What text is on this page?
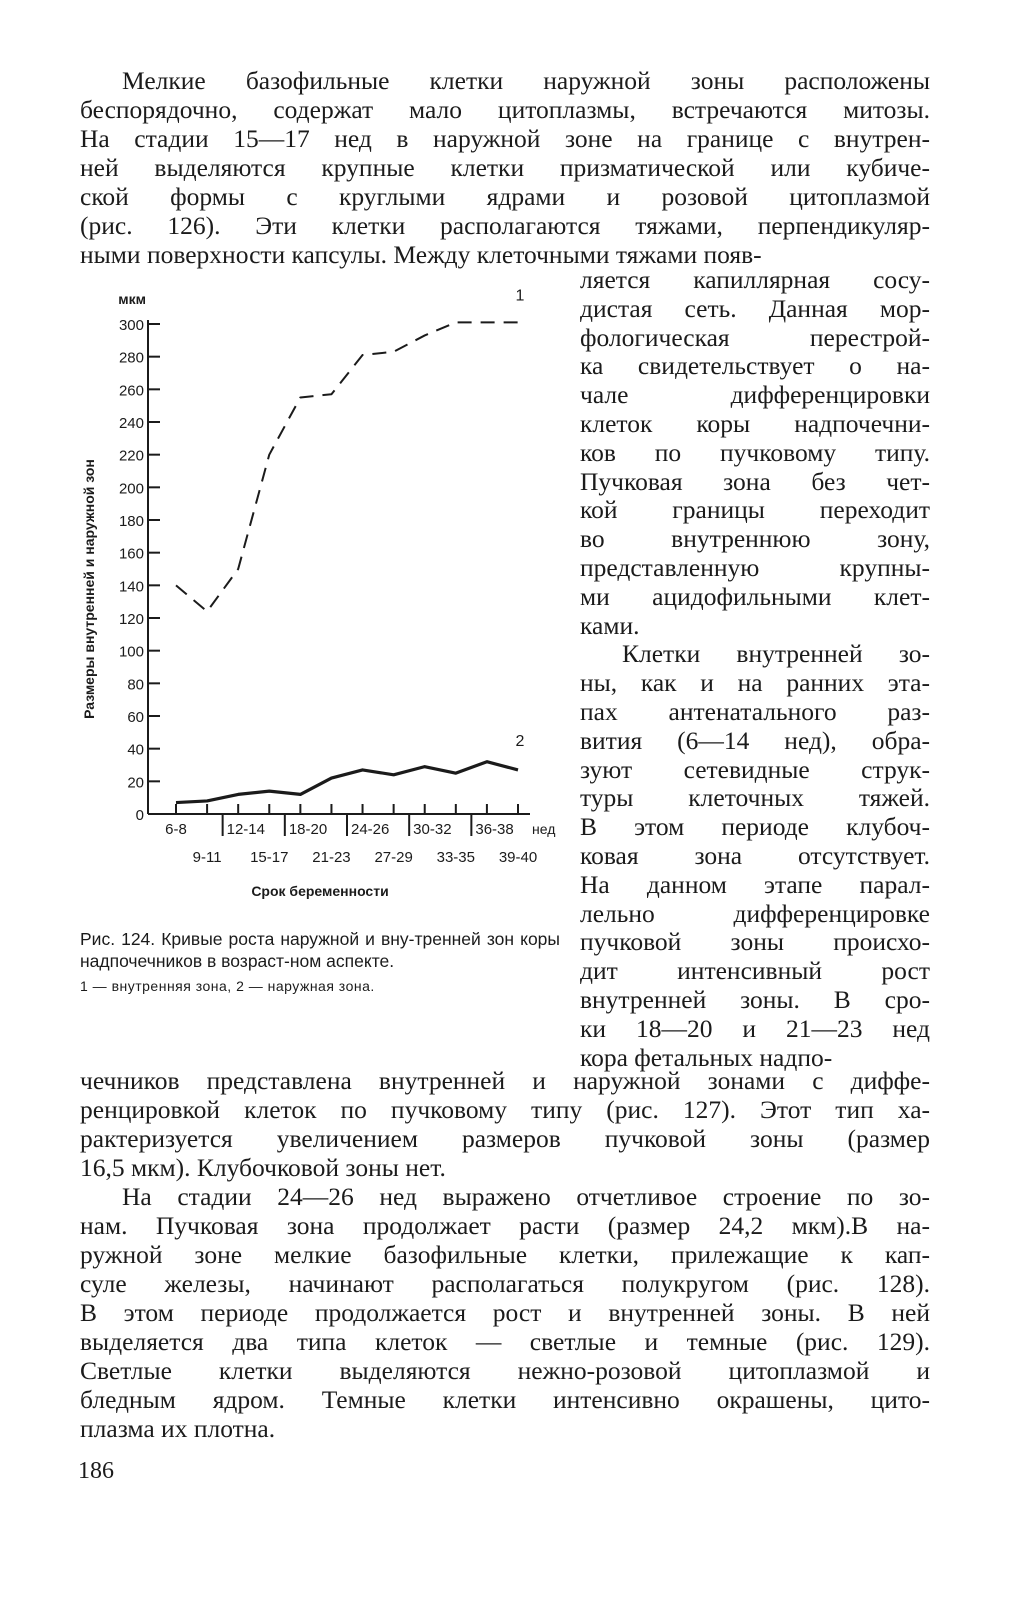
Мелкие базофильные клетки наружной зоны расположены
беспорядочно, содержат мало цитоплазмы, встречаются митозы.
На стадии 15—17 нед в наружной зоне на границе с внутрен-
ней выделяются крупные клетки призматической или кубиче-
ской формы с круглыми ядрами и розовой цитоплазмой
(рис. 126). Эти клетки располагаются тяжами, перпендикуляр-
ными поверхности капсулы. Между клеточными тяжами появ-
ляется капиллярная сосу-
дистая сеть. Данная мор-
фологическая перестрой-
ка свидетельствует о на-
чале дифференцировки
клеток коры надпочечни-
ков по пучковому типу.
Пучковая зона без чет-
кой границы переходит
во внутреннюю зону,
представленную крупны-
ми ацидофильными клет-
ками.
Клетки внутренней зо-
ны, как и на ранних эта-
пах антенатального раз-
вития (6—14 нед), обра-
зуют сетевидные струк-
туры клеточных тяжей.
В этом периоде клубоч-
ковая зона отсутствует.
На данном этапе парал-
лельно дифференцировке
пучковой зоны происхо-
дит интенсивный рост
внутренней зоны. В сро-
ки 18—20 и 21—23 нед
кора фетальных надпо-
0
20
40
60
80
100
120
140
160
180
200
220
240
260
280
300
мкм
Размеры внутренней и наружной зон
6-8	12-14 18-20 24-26 30-32 36-38 нед
9-11 15-17 21-23 27-29 33-35 39-40
Срок беременности
1
2
Рис. 124. Кривые роста наружной и вну-тренней зон коры надпочечников в возраст-ном аспекте.
1 — внутренняя зона, 2 — наружная зона.
чечников представлена внутренней и наружной зонами с диффе-
ренцировкой клеток по пучковому типу (рис. 127). Этот тип ха-
рактеризуется увеличением размеров пучковой зоны (размер
16,5 мкм). Клубочковой зоны нет.
На стадии 24—26 нед выражено отчетливое строение по зо-
нам. Пучковая зона продолжает расти (размер 24,2 мкм).В на-
ружной зоне мелкие базофильные клетки, прилежащие к кап-
суле железы, начинают располагаться полукругом (рис. 128).
В этом периоде продолжается рост и внутренней зоны. В ней
выделяется два типа клеток — светлые и темные (рис. 129).
Светлые клетки выделяются нежно-розовой цитоплазмой и
бледным ядром. Темные клетки интенсивно окрашены, цито-
плазма их плотна.
186
